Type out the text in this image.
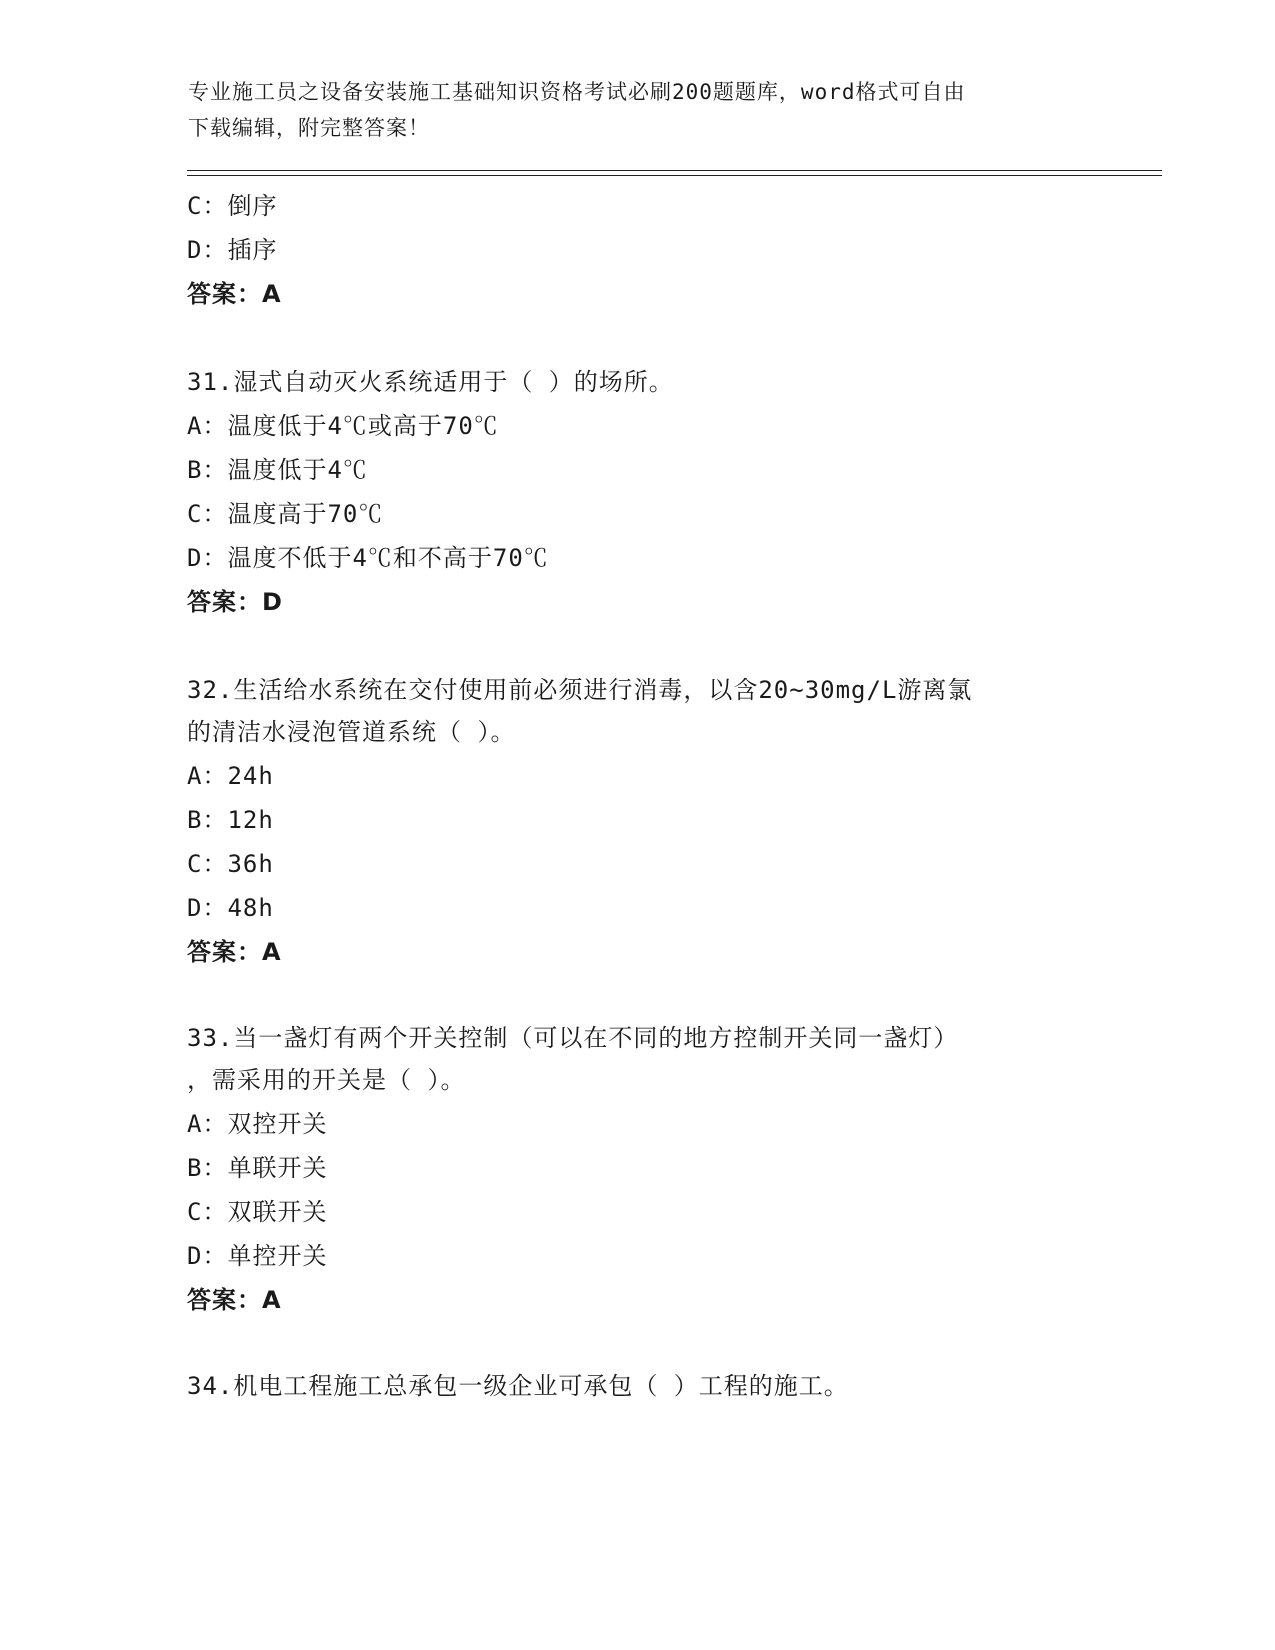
专业施工员之设备安装施工基础知识资格考试必刷200题题库，word格式可自由
下载编辑，附完整答案！
C：倒序
D：插序
答案：A
31.湿式自动灭火系统适用于（ ）的场所。
A：温度低于4℃或高于70℃
B：温度低于4℃
C：温度高于70℃
D：温度不低于4℃和不高于70℃
答案：D
32.生活给水系统在交付使用前必须进行消毒，以含20~30mg/L游离氯
的清洁水浸泡管道系统（ ）。
A：24h
B：12h
C：36h
D：48h
答案：A
33.当一盏灯有两个开关控制（可以在不同的地方控制开关同一盏灯）
，需采用的开关是（ ）。
A：双控开关
B：单联开关
C：双联开关
D：单控开关
答案：A
34.机电工程施工总承包一级企业可承包（ ）工程的施工。
